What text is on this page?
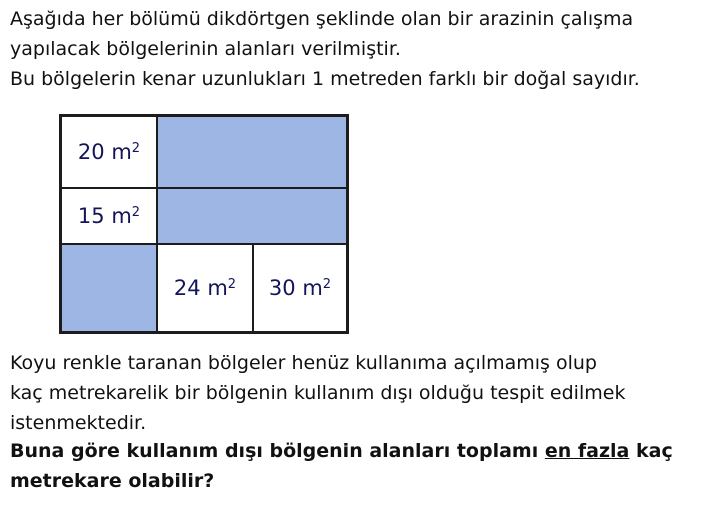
Aşağıda her bölümü dikdörtgen şeklinde olan bir arazinin çalışma
yapılacak bölgelerinin alanları verilmiştir.
Bu bölgelerin kenar uzunlukları 1 metreden farklı bir doğal sayıdır.
20 $m^2$
15 $m^2$
24 $m^2$ 30 $m^2$
Koyu renkle taranan bölgeler henüz kullanıma açılmamış olup
kaç metrekarelik bir bölgenin kullanım dışı olduğu tespit edilmek
istenmektedir.
Buna göre kullanım dışı bölgenin alanları toplamı en fazla kaç
metrekare olabilir?
